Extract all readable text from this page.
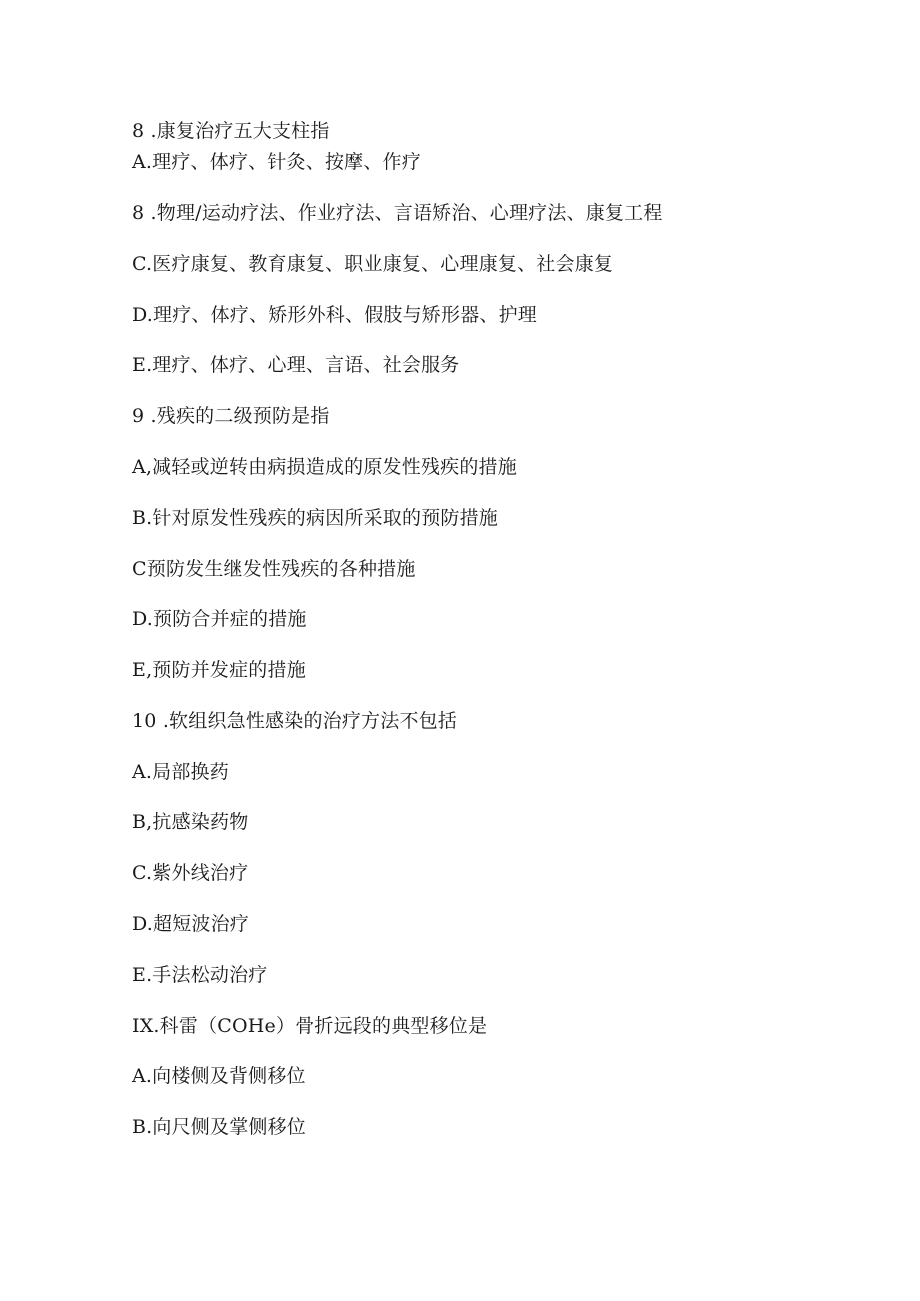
8 .康复治疗五大支柱指
A.理疗、体疗、针灸、按摩、作疗
8 .物理/运动疗法、作业疗法、言语矫治、心理疗法、康复工程
C.医疗康复、教育康复、职业康复、心理康复、社会康复
D.理疗、体疗、矫形外科、假肢与矫形器、护理
E.理疗、体疗、心理、言语、社会服务
9 .残疾的二级预防是指
A,减轻或逆转由病损造成的原发性残疾的措施
B.针对原发性残疾的病因所采取的预防措施
C预防发生继发性残疾的各种措施
D.预防合并症的措施
E,预防并发症的措施
10 .软组织急性感染的治疗方法不包括
A.局部换药
B,抗感染药物
C.紫外线治疗
D.超短波治疗
E.手法松动治疗
IX.科雷（COHe）骨折远段的典型移位是
A.向楼侧及背侧移位
B.向尺侧及掌侧移位
